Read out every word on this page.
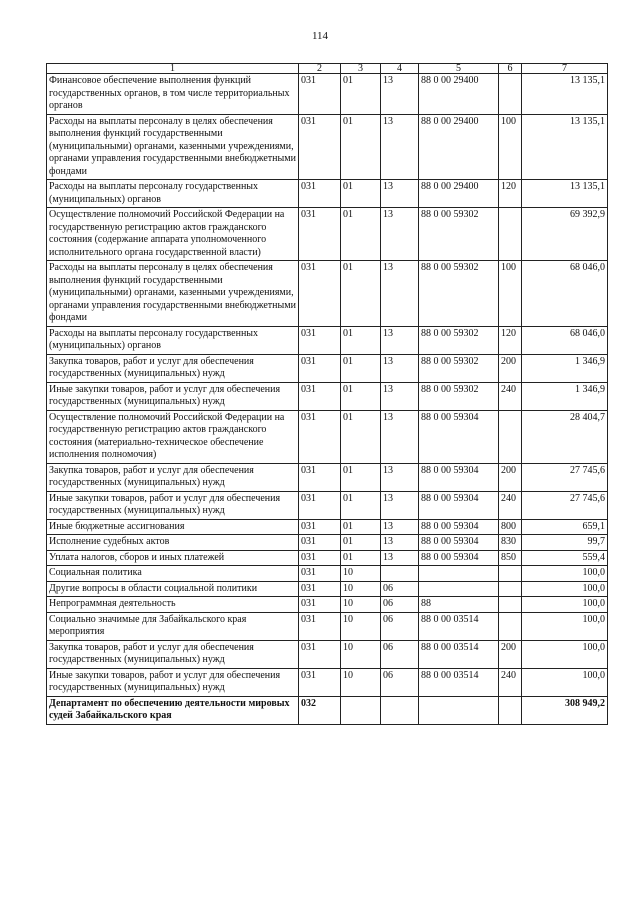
114
1	2	3	4	5	6	7
Финансовое обеспечение выполнения функций государственных органов, в том числе территориальных органов	031	01	13	88 0 00 29400		13 135,1
Расходы на выплаты персоналу в целях обеспечения выполнения функций государственными (муниципальными) органами, казенными учреждениями, органами управления государственными внебюджетными фондами	031	01	13	88 0 00 29400	100	13 135,1
Расходы на выплаты персоналу государственных (муниципальных) органов	031	01	13	88 0 00 29400	120	13 135,1
Осуществление полномочий Российской Федерации на государственную регистрацию актов гражданского состояния (содержание аппарата уполномоченного исполнительного органа государственной власти)	031	01	13	88 0 00 59302		69 392,9
Расходы на выплаты персоналу в целях обеспечения выполнения функций государственными (муниципальными) органами, казенными учреждениями, органами управления государственными внебюджетными фондами	031	01	13	88 0 00 59302	100	68 046,0
Расходы на выплаты персоналу государственных (муниципальных) органов	031	01	13	88 0 00 59302	120	68 046,0
Закупка товаров, работ и услуг для обеспечения государственных (муниципальных) нужд	031	01	13	88 0 00 59302	200	1 346,9
Иные закупки товаров, работ и услуг для обеспечения государственных (муниципальных) нужд	031	01	13	88 0 00 59302	240	1 346,9
Осуществление полномочий Российской Федерации на государственную регистрацию актов гражданского состояния (материально-техническое обеспечение исполнения полномочия)	031	01	13	88 0 00 59304		28 404,7
Закупка товаров, работ и услуг для обеспечения государственных (муниципальных) нужд	031	01	13	88 0 00 59304	200	27 745,6
Иные закупки товаров, работ и услуг для обеспечения государственных (муниципальных) нужд	031	01	13	88 0 00 59304	240	27 745,6
Иные бюджетные ассигнования	031	01	13	88 0 00 59304	800	659,1
Исполнение судебных актов	031	01	13	88 0 00 59304	830	99,7
Уплата налогов, сборов и иных платежей	031	01	13	88 0 00 59304	850	559,4
Социальная политика	031	10				100,0
Другие вопросы в области социальной политики	031	10	06			100,0
Непрограммная деятельность	031	10	06	88		100,0
Социально значимые для Забайкальского края мероприятия	031	10	06	88 0 00 03514		100,0
Закупка товаров, работ и услуг для обеспечения государственных (муниципальных) нужд	031	10	06	88 0 00 03514	200	100,0
Иные закупки товаров, работ и услуг для обеспечения государственных (муниципальных) нужд	031	10	06	88 0 00 03514	240	100,0
Департамент по обеспечению деятельности мировых судей Забайкальского края	032					308 949,2
